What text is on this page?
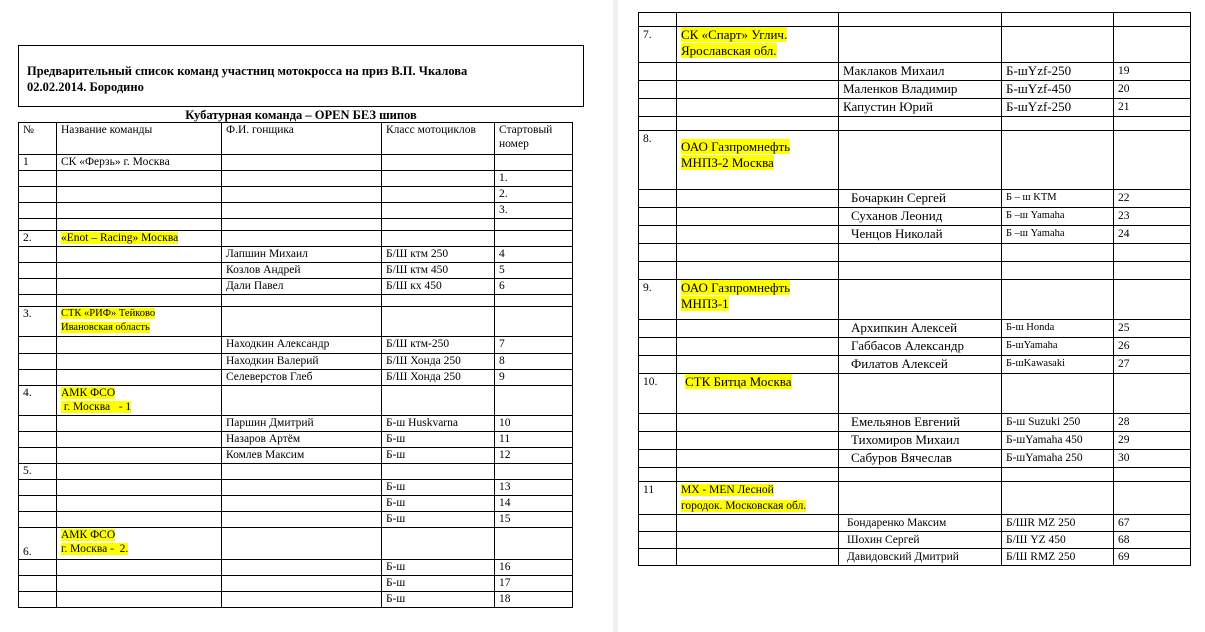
Предварительный список команд участниц мотокросса на приз В.П. Чкалова
02.02.2014. Бородино
Кубатурная команда – OPEN БЕЗ шипов
№	Название команды	Ф.И. гонщика	Класс мотоциклов	Стартовый номер
1	СК «Ферзь» г. Москва			
				1.
				2.
				3.

2.	«Enot – Racing» Москва			
		Лапшин Михаил	Б/Ш ктм 250	4
		Козлов Андрей	Б/Ш ктм 450	5
		Дали Павел	Б/Ш кх 450	6

3.	СТК «РИФ» Тейково
Ивановская область			
		Находкин Александр	Б/Ш ктм-250	7
		Находкин Валерий	Б/Ш Хонда 250	8
		Селеверстов Глеб	Б/Ш Хонда 250	9
4.	АМК ФСО
г. Москва   - 1			
		Паршин Дмитрий	Б-ш Huskvarna	10
		Назаров Артём	Б-ш	11
		Комлев Максим	Б-ш	12
5.				
			Б-ш	13
			Б-ш	14
			Б-ш	15
6.	АМК ФСО
г. Москва -  2.			
			Б-ш	16
			Б-ш	17
			Б-ш	18

7.	СК «Спарт» Углич.
Ярославская обл.			
		Маклаков Михаил	Б-шYzf-250	19
		Маленков Владимир	Б-шYzf-450	20
		Капустин Юрий	Б-шYzf-250	21

8.	ОАО Газпромнефть
МНПЗ-2 Москва			
		Бочаркин Сергей	Б – ш KTM	22
		Суханов Леонид	Б –ш Yamaha	23
		Ченцов Николай	Б –ш Yamaha	24

9.	ОАО Газпромнефть
МНПЗ-1			
		Архипкин Алексей	Б-ш Honda	25
		Габбасов Александр	Б-шYamaha	26
		Филатов Алексей	Б-шKawasaki	27
10.	СТК Битца Москва			
		Емельянов Евгений	Б-ш Suzuki 250	28
		Тихомиров Михаил	Б-шYamaha 450	29
		Сабуров Вячеслав	Б-шYamaha 250	30

11	MX - MEN Лесной
городок. Московская обл.			
		Бондаренко Максим	Б/ШR MZ 250	67
		Шохин Сергей	Б/Ш YZ 450	68
		Давидовский Дмитрий	Б/Ш RMZ 250	69
